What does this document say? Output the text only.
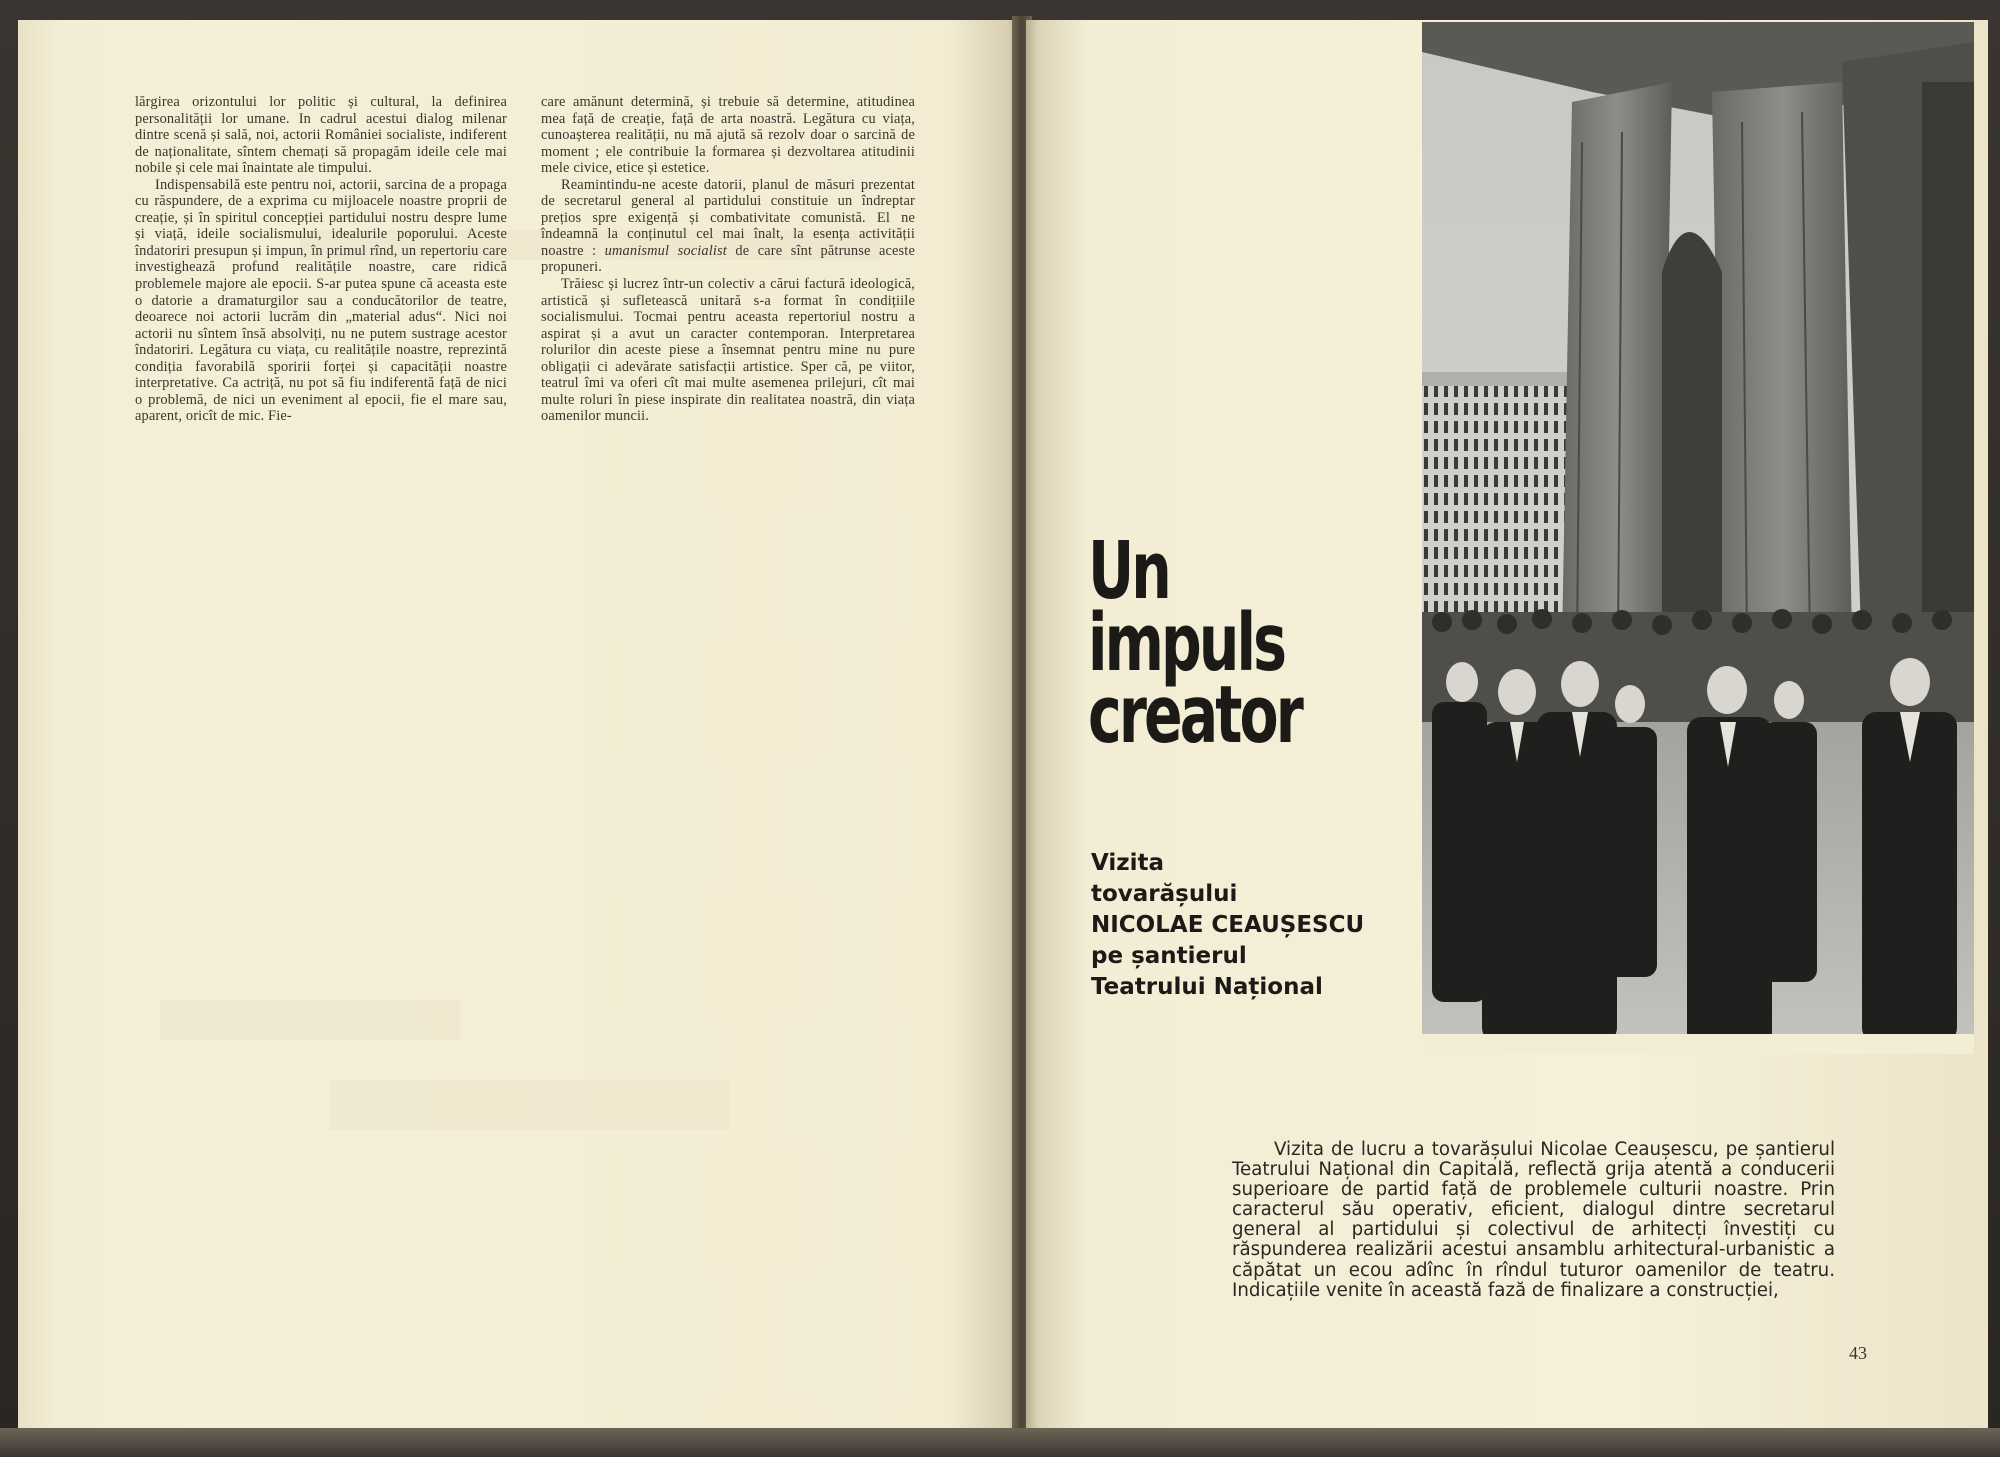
lărgirea orizontului lor politic și cultural, la definirea personalității lor umane. In cadrul acestui dialog milenar dintre scenă și sală, noi, actorii României socialiste, indiferent de naționalitate, sîntem chemați să propagăm ideile cele mai nobile și cele mai înaintate ale timpului.

Indispensabilă este pentru noi, actorii, sarcina de a propaga cu răspundere, de a exprima cu mijloacele noastre proprii de creație, și în spiritul concepției partidului nostru despre lume și viață, ideile socialismului, idealurile poporului. Aceste îndatoriri presupun și impun, în primul rînd, un repertoriu care investighează profund realitățile noastre, care ridică problemele majore ale epocii. S-ar putea spune că aceasta este o datorie a dramaturgilor sau a conducătorilor de teatre, deoarece noi actorii lucrăm din „material adus“. Nici noi actorii nu sîntem însă absolviți, nu ne putem sustrage acestor îndatoriri. Legătura cu viața, cu realitățile noastre, reprezintă condiția favorabilă sporirii forței și capacității noastre interpretative. Ca actriță, nu pot să fiu indiferentă față de nici o problemă, de nici un eveniment al epocii, fie el mare sau, aparent, oricît de mic. Fie-

care amănunt determină, și trebuie să determine, atitudinea mea față de creație, față de arta noastră. Legătura cu viața, cunoașterea realității, nu mă ajută să rezolv doar o sarcină de moment ; ele contribuie la formarea și dezvoltarea atitudinii mele civice, etice și estetice.

Reamintindu-ne aceste datorii, planul de măsuri prezentat de secretarul general al partidului constituie un îndreptar prețios spre exigență și combativitate comunistă. El ne îndeamnă la conținutul cel mai înalt, la esența activității noastre : umanismul socialist de care sînt pătrunse aceste propuneri.

Trăiesc și lucrez într-un colectiv a cărui factură ideologică, artistică și sufletească unitară s-a format în condițiile socialismului. Tocmai pentru aceasta repertoriul nostru a aspirat și a avut un caracter contemporan. Interpretarea rolurilor din aceste piese a însemnat pentru mine nu pure obligații ci adevărate satisfacții artistice. Sper că, pe viitor, teatrul îmi va oferi cît mai multe asemenea prilejuri, cît mai multe roluri în piese inspirate din realitatea noastră, din viața oamenilor muncii.

Un
impuls
creator
Vizita
tovarășului
NICOLAE CEAUȘESCU
pe șantierul
Teatrului Național

Vizita de lucru a tovarășului Nicolae Ceaușescu, pe șantierul Teatrului Național din Capitală, reflectă grija atentă a conducerii superioare de partid față de problemele culturii noastre. Prin caracterul său operativ, eficient, dialogul dintre secretarul general al partidului și colectivul de arhitecți învestiți cu răspunderea realizării acestui ansamblu arhitectural-urbanistic a căpătat un ecou adînc în rîndul tuturor oamenilor de teatru. Indicațiile venite în această fază de finalizare a construcției,

43
